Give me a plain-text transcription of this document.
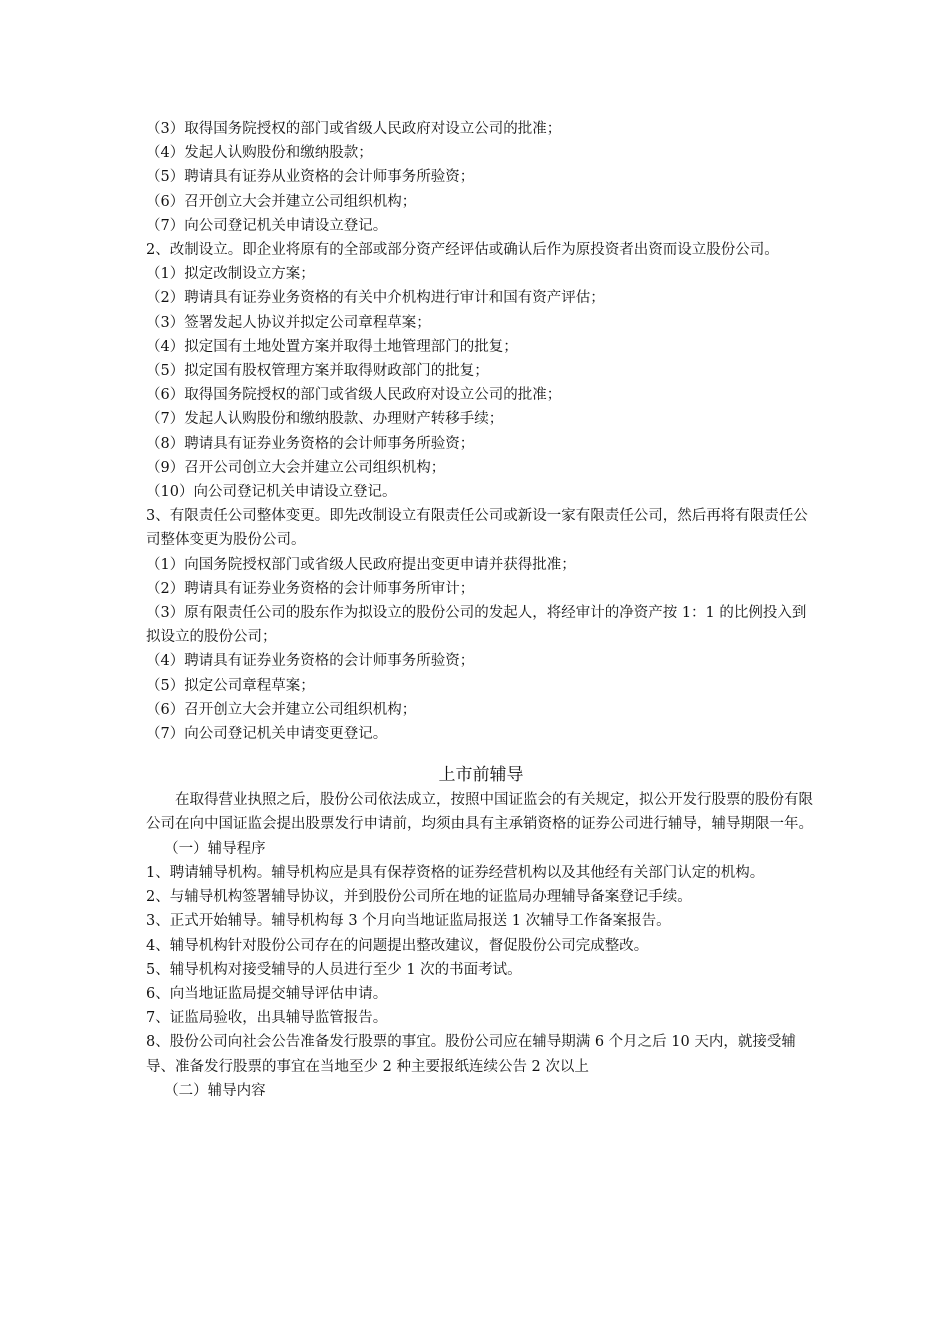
（3）取得国务院授权的部门或省级人民政府对设立公司的批准；

（4）发起人认购股份和缴纳股款；

（5）聘请具有证券从业资格的会计师事务所验资；

（6）召开创立大会并建立公司组织机构；

（7）向公司登记机关申请设立登记。

2、改制设立。即企业将原有的全部或部分资产经评估或确认后作为原投资者出资而设立股份公司。

（1）拟定改制设立方案；

（2）聘请具有证券业务资格的有关中介机构进行审计和国有资产评估；

（3）签署发起人协议并拟定公司章程草案；

（4）拟定国有土地处置方案并取得土地管理部门的批复；

（5）拟定国有股权管理方案并取得财政部门的批复；

（6）取得国务院授权的部门或省级人民政府对设立公司的批准；

（7）发起人认购股份和缴纳股款、办理财产转移手续；

（8）聘请具有证券业务资格的会计师事务所验资；

（9）召开公司创立大会并建立公司组织机构；

（10）向公司登记机关申请设立登记。

3、有限责任公司整体变更。即先改制设立有限责任公司或新设一家有限责任公司，然后再将有限责任公司整体变更为股份公司。

（1）向国务院授权部门或省级人民政府提出变更申请并获得批准；

（2）聘请具有证券业务资格的会计师事务所审计；

（3）原有限责任公司的股东作为拟设立的股份公司的发起人，将经审计的净资产按 1：1 的比例投入到拟设立的股份公司；

（4）聘请具有证券业务资格的会计师事务所验资；

（5）拟定公司章程草案；

（6）召开创立大会并建立公司组织机构；

（7）向公司登记机关申请变更登记。

上市前辅导

在取得营业执照之后，股份公司依法成立，按照中国证监会的有关规定，拟公开发行股票的股份有限公司在向中国证监会提出股票发行申请前，均须由具有主承销资格的证券公司进行辅导，辅导期限一年。

（一）辅导程序

1、聘请辅导机构。辅导机构应是具有保荐资格的证券经营机构以及其他经有关部门认定的机构。

2、与辅导机构签署辅导协议，并到股份公司所在地的证监局办理辅导备案登记手续。

3、正式开始辅导。辅导机构每 3 个月向当地证监局报送 1 次辅导工作备案报告。

4、辅导机构针对股份公司存在的问题提出整改建议，督促股份公司完成整改。

5、辅导机构对接受辅导的人员进行至少 1 次的书面考试。

6、向当地证监局提交辅导评估申请。

7、证监局验收，出具辅导监管报告。

8、股份公司向社会公告准备发行股票的事宜。股份公司应在辅导期满 6 个月之后 10 天内，就接受辅导、准备发行股票的事宜在当地至少 2 种主要报纸连续公告 2 次以上

（二）辅导内容
